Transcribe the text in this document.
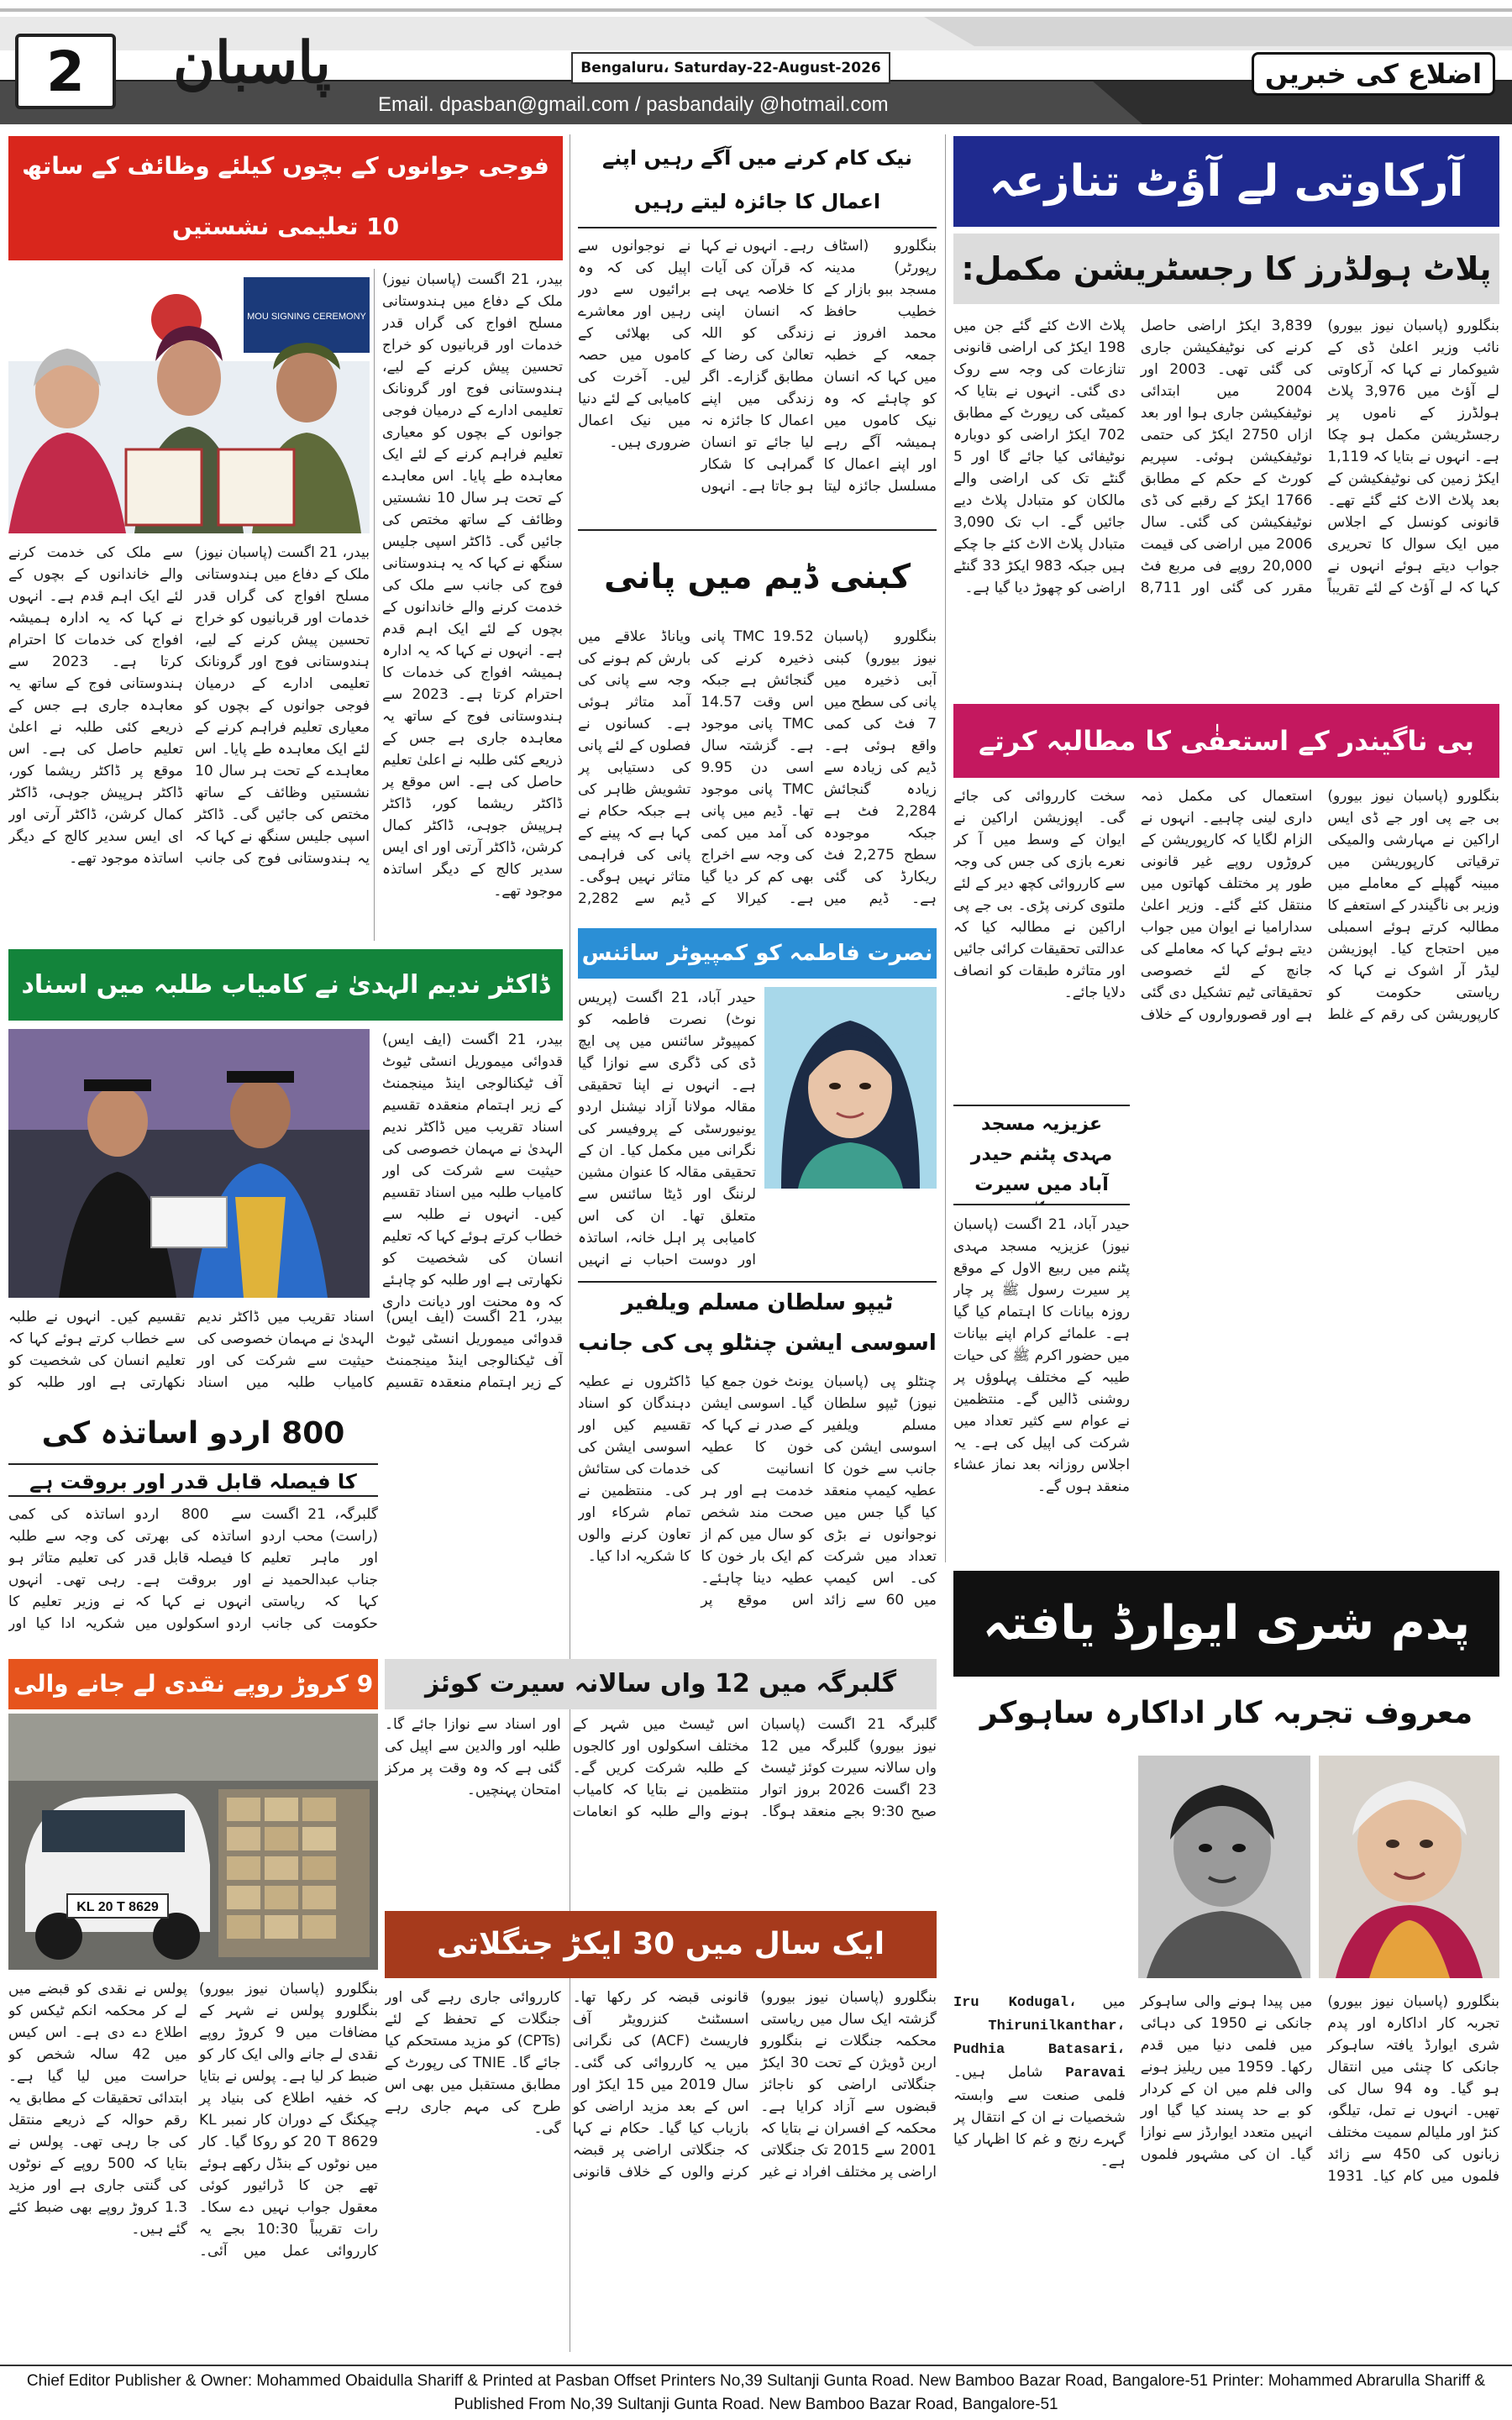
2	پاسبان	Bengaluru، Saturday-22-August-2026
Email. dpasban@gmail.com / pasbandaily @hotmail.com
اضلاع کی خبریں
آرکاوتی لے آؤٹ تنازعہ
پلاٹ ہولڈرز کا رجسٹریشن مکمل:
بنگلورو (پاسبان نیوز بیورو) نائب وزیر اعلیٰ ڈی کے شیوکمار نے کہا کہ آرکاوتی لے آؤٹ میں 3,976 پلاٹ ہولڈرز کے ناموں پر رجسٹریشن مکمل ہو چکا ہے۔ انہوں نے بتایا کہ 1,119 ایکڑ زمین کی نوٹیفکیشن کے بعد پلاٹ الاٹ کئے گئے تھے۔ قانونی کونسل کے اجلاس میں ایک سوال کا تحریری جواب دیتے ہوئے انہوں نے کہا کہ لے آؤٹ کے لئے تقریباً 3,839 ایکڑ اراضی حاصل کرنے کی نوٹیفکیشن جاری کی گئی تھی۔ 2003 اور 2004 میں ابتدائی نوٹیفکیشن جاری ہوا اور بعد ازاں 2750 ایکڑ کی حتمی نوٹیفکیشن ہوئی۔ سپریم کورٹ کے حکم کے مطابق 1766 ایکڑ کے رقبے کی ڈی نوٹیفکیشن کی گئی۔ سال 2006 میں اراضی کی قیمت 20,000 روپے فی مربع فٹ مقرر کی گئی اور 8,711 پلاٹ الاٹ کئے گئے جن میں 198 ایکڑ کی اراضی قانونی تنازعات کی وجہ سے روک دی گئی۔ انہوں نے بتایا کہ کمیٹی کی رپورٹ کے مطابق 702 ایکڑ اراضی کو دوبارہ نوٹیفائی کیا جائے گا اور 5 گنٹے تک کی اراضی والے مالکان کو متبادل پلاٹ دیے جائیں گے۔ اب تک 3,090 متبادل پلاٹ الاٹ کئے جا چکے ہیں جبکہ 983 ایکڑ 33 گنٹے اراضی کو چھوڑ دیا گیا ہے۔
بی ناگیندر کے استعفٰی کا مطالبہ کرتے
بنگلورو (پاسبان نیوز بیورو) بی جے پی اور جے ڈی ایس اراکین نے مہارشی والمیکی ترقیاتی کارپوریشن میں مبینہ گھپلے کے معاملے میں وزیر بی ناگیندر کے استعفے کا مطالبہ کرتے ہوئے اسمبلی میں احتجاج کیا۔ اپوزیشن لیڈر آر اشوک نے کہا کہ ریاستی حکومت کو کارپوریشن کی رقم کے غلط استعمال کی مکمل ذمہ داری لینی چاہیے۔ انہوں نے الزام لگایا کہ کارپوریشن کے کروڑوں روپے غیر قانونی طور پر مختلف کھاتوں میں منتقل کئے گئے۔ وزیر اعلیٰ سدارامیا نے ایوان میں جواب دیتے ہوئے کہا کہ معاملے کی جانچ کے لئے خصوصی تحقیقاتی ٹیم تشکیل دی گئی ہے اور قصورواروں کے خلاف سخت کارروائی کی جائے گی۔ اپوزیشن اراکین نے ایوان کے وسط میں آ کر نعرے بازی کی جس کی وجہ سے کارروائی کچھ دیر کے لئے ملتوی کرنی پڑی۔ بی جے پی اراکین نے مطالبہ کیا کہ عدالتی تحقیقات کرائی جائیں اور متاثرہ طبقات کو انصاف دلایا جائے۔
عزیزیہ مسجد مہدی پٹنم حیدر آباد میں سیرت
حیدر آباد، 21 اگست (پاسبان نیوز) عزیزیہ مسجد مہدی پٹنم میں ربیع الاول کے موقع پر سیرت رسول ﷺ پر چار روزہ بیانات کا اہتمام کیا گیا ہے۔ علمائے کرام اپنے بیانات میں حضور اکرم ﷺ کی حیات طیبہ کے مختلف پہلوؤں پر روشنی ڈالیں گے۔ منتظمین نے عوام سے کثیر تعداد میں شرکت کی اپیل کی ہے۔ یہ اجلاس روزانہ بعد نماز عشاء منعقد ہوں گے۔
پدم شری ایوارڈ یافتہ
معروف تجربہ کار اداکارہ ساہوکر
بنگلورو (پاسبان نیوز بیورو) تجربہ کار اداکارہ اور پدم شری ایوارڈ یافتہ ساہوکر جانکی کا چنئی میں انتقال ہو گیا۔ وہ 94 سال کی تھیں۔ انہوں نے تمل، تیلگو، کنڑ اور ملیالم سمیت مختلف زبانوں کی 450 سے زائد فلموں میں کام کیا۔ 1931 میں پیدا ہونے والی ساہوکر جانکی نے 1950 کی دہائی میں فلمی دنیا میں قدم رکھا۔ 1959 میں ریلیز ہونے والی فلم میں ان کے کردار کو بے حد پسند کیا گیا اور انہیں متعدد ایوارڈز سے نوازا گیا۔ ان کی مشہور فلموں میں Iru Kodugal، Thirunilkanthar، Pudhia Batasari، Paravai شامل ہیں۔ فلمی صنعت سے وابستہ شخصیات نے ان کے انتقال پر گہرے رنج و غم کا اظہار کیا ہے۔
نیک کام کرنے میں آگے رہیں اپنے اعمال کا جائزہ لیتے رہیں
بنگلورو (اسٹاف رپورٹر) مدینہ مسجد ببو بازار کے خطیب حافظ محمد افروز نے جمعہ کے خطبہ میں کہا کہ انسان کو چاہئے کہ وہ نیک کاموں میں ہمیشہ آگے رہے اور اپنے اعمال کا مسلسل جائزہ لیتا رہے۔ انہوں نے کہا کہ قرآن کی آیات کا خلاصہ یہی ہے کہ انسان اپنی زندگی کو اللہ تعالیٰ کی رضا کے مطابق گزارے۔ اگر زندگی میں اپنے اعمال کا جائزہ نہ لیا جائے تو انسان گمراہی کا شکار ہو جاتا ہے۔ انہوں نے نوجوانوں سے اپیل کی کہ وہ برائیوں سے دور رہیں اور معاشرے کی بھلائی کے کاموں میں حصہ لیں۔ آخرت کی کامیابی کے لئے دنیا میں نیک اعمال ضروری ہیں۔
کبنی ڈیم میں پانی
بنگلورو (پاسبان نیوز بیورو) کبنی آبی ذخیرہ میں پانی کی سطح میں 7 فٹ کی کمی واقع ہوئی ہے۔ ڈیم کی زیادہ سے زیادہ گنجائش 2,284 فٹ ہے جبکہ موجودہ سطح 2,275 فٹ ریکارڈ کی گئی ہے۔ ڈیم میں 19.52 TMC پانی ذخیرہ کرنے کی گنجائش ہے جبکہ اس وقت 14.57 TMC پانی موجود ہے۔ گزشتہ سال اسی دن 9.95 TMC پانی موجود تھا۔ ڈیم میں پانی کی آمد میں کمی کی وجہ سے اخراج بھی کم کر دیا گیا ہے۔ کیرالا کے ویاناڈ علاقے میں بارش کم ہونے کی وجہ سے پانی کی آمد متاثر ہوئی ہے۔ کسانوں نے فصلوں کے لئے پانی کی دستیابی پر تشویش ظاہر کی ہے جبکہ حکام نے کہا ہے کہ پینے کے پانی کی فراہمی متاثر نہیں ہوگی۔ ڈیم سے 2,282
نصرت فاطمہ کو کمپیوٹر سائنس
حیدر آباد، 21 اگست (پریس نوٹ) نصرت فاطمہ کو کمپیوٹر سائنس میں پی ایچ ڈی کی ڈگری سے نوازا گیا ہے۔ انہوں نے اپنا تحقیقی مقالہ مولانا آزاد نیشنل اردو یونیورسٹی کے پروفیسر کی نگرانی میں مکمل کیا۔ ان کے تحقیقی مقالہ کا عنوان مشین لرننگ اور ڈیٹا سائنس سے متعلق تھا۔ ان کی اس کامیابی پر اہل خانہ، اساتذہ اور دوست احباب نے انہیں
ٹیپو سلطان مسلم ویلفیر اسوسی ایشن چنٹلو پی کی جانب
چنٹلو پی (پاسبان نیوز) ٹیپو سلطان مسلم ویلفیر اسوسی ایشن کی جانب سے خون کا عطیہ کیمپ منعقد کیا گیا جس میں نوجوانوں نے بڑی تعداد میں شرکت کی۔ اس کیمپ میں 60 سے زائد یونٹ خون جمع کیا گیا۔ اسوسی ایشن کے صدر نے کہا کہ خون کا عطیہ انسانیت کی خدمت ہے اور ہر صحت مند شخص کو سال میں کم از کم ایک بار خون کا عطیہ دینا چاہئے۔ اس موقع پر ڈاکٹروں نے عطیہ دہندگان کو اسناد تقسیم کیں اور اسوسی ایشن کی خدمات کی ستائش کی۔ منتظمین نے تمام شرکاء اور تعاون کرنے والوں کا شکریہ ادا کیا۔
گلبرگہ میں 12 واں سالانہ سیرت کوئز
گلبرگہ 21 اگست (پاسبان نیوز بیورو) گلبرگہ میں 12 واں سالانہ سیرت کوئز ٹیسٹ 23 اگست 2026 بروز اتوار صبح 9:30 بجے منعقد ہوگا۔ اس ٹیسٹ میں شہر کے مختلف اسکولوں اور کالجوں کے طلبہ شرکت کریں گے۔ منتظمین نے بتایا کہ کامیاب ہونے والے طلبہ کو انعامات اور اسناد سے نوازا جائے گا۔ طلبہ اور والدین سے اپیل کی گئی ہے کہ وہ وقت پر مرکز امتحان پہنچیں۔
ایک سال میں 30 ایکڑ جنگلاتی
بنگلورو (پاسبان نیوز بیورو) گزشتہ ایک سال میں ریاستی محکمہ جنگلات نے بنگلورو اربن ڈویژن کے تحت 30 ایکڑ جنگلاتی اراضی کو ناجائز قبضوں سے آزاد کرایا ہے۔ محکمہ کے افسران نے بتایا کہ 2001 سے 2015 تک جنگلاتی اراضی پر مختلف افراد نے غیر قانونی قبضہ کر رکھا تھا۔ اسسٹنٹ کنزرویٹر آف فاریسٹ (ACF) کی نگرانی میں یہ کارروائی کی گئی۔ سال 2019 میں 15 ایکڑ اور اس کے بعد مزید اراضی کو بازیاب کیا گیا۔ حکام نے کہا کہ جنگلاتی اراضی پر قبضہ کرنے والوں کے خلاف قانونی کارروائی جاری رہے گی اور جنگلات کے تحفظ کے لئے (CPTs) کو مزید مستحکم کیا جائے گا۔ TNIE کی رپورٹ کے مطابق مستقبل میں بھی اس طرح کی مہم جاری رہے گی۔
فوجی جوانوں کے بچوں کیلئے وظائف کے ساتھ 10 تعلیمی نشستیں
MOU SIGNING CEREMONY
بیدر، 21 اگست (پاسبان نیوز) ملک کے دفاع میں ہندوستانی مسلح افواج کی گراں قدر خدمات اور قربانیوں کو خراج تحسین پیش کرنے کے لیے، ہندوستانی فوج اور گرونانک تعلیمی ادارے کے درمیان فوجی جوانوں کے بچوں کو معیاری تعلیم فراہم کرنے کے لئے ایک معاہدہ طے پایا۔ اس معاہدے کے تحت ہر سال 10 نشستیں وظائف کے ساتھ مختص کی جائیں گی۔ ڈاکٹر اسپی جلیس سنگھ نے کہا کہ یہ ہندوستانی فوج کی جانب سے ملک کی خدمت کرنے والے خاندانوں کے بچوں کے لئے ایک اہم قدم ہے۔ انہوں نے کہا کہ یہ ادارہ ہمیشہ افواج کی خدمات کا احترام کرتا ہے۔ 2023 سے ہندوستانی فوج کے ساتھ یہ معاہدہ جاری ہے جس کے ذریعے کئی طلبہ نے اعلیٰ تعلیم حاصل کی ہے۔ اس موقع پر ڈاکٹر ریشما کور، ڈاکٹر ہرپیش جوہی، ڈاکٹر کمال کرشن، ڈاکٹر آرتی اور ای ایس سدیر کالج کے دیگر اساتذہ موجود تھے۔
بیدر، 21 اگست (پاسبان نیوز) ملک کے دفاع میں ہندوستانی مسلح افواج کی گراں قدر خدمات اور قربانیوں کو خراج تحسین پیش کرنے کے لیے، ہندوستانی فوج اور گرونانک تعلیمی ادارے کے درمیان فوجی جوانوں کے بچوں کو معیاری تعلیم فراہم کرنے کے لئے ایک معاہدہ طے پایا۔ اس معاہدے کے تحت ہر سال 10 نشستیں وظائف کے ساتھ مختص کی جائیں گی۔ ڈاکٹر اسپی جلیس سنگھ نے کہا کہ یہ ہندوستانی فوج کی جانب سے ملک کی خدمت کرنے والے خاندانوں کے بچوں کے لئے ایک اہم قدم ہے۔ انہوں نے کہا کہ یہ ادارہ ہمیشہ افواج کی خدمات کا احترام کرتا ہے۔ 2023 سے ہندوستانی فوج کے ساتھ یہ معاہدہ جاری ہے جس کے ذریعے کئی طلبہ نے اعلیٰ تعلیم حاصل کی ہے۔ اس موقع پر ڈاکٹر ریشما کور، ڈاکٹر ہرپیش جوہی، ڈاکٹر کمال کرشن، ڈاکٹر آرتی اور ای ایس سدیر کالج کے دیگر اساتذہ موجود تھے۔
ڈاکٹر ندیم الہدیٰ نے کامیاب طلبہ میں اسناد
بیدر، 21 اگست (ایف ایس) قدوائی میموریل انسٹی ٹیوٹ آف ٹیکنالوجی اینڈ مینجمنٹ کے زیر اہتمام منعقدہ تقسیم اسناد تقریب میں ڈاکٹر ندیم الہدیٰ نے مہمان خصوصی کی حیثیت سے شرکت کی اور کامیاب طلبہ میں اسناد تقسیم کیں۔ انہوں نے طلبہ سے خطاب کرتے ہوئے کہا کہ تعلیم انسان کی شخصیت کو نکھارتی ہے اور طلبہ کو چاہئے کہ وہ محنت اور دیانت داری
بیدر، 21 اگست (ایف ایس) قدوائی میموریل انسٹی ٹیوٹ آف ٹیکنالوجی اینڈ مینجمنٹ کے زیر اہتمام منعقدہ تقسیم اسناد تقریب میں ڈاکٹر ندیم الہدیٰ نے مہمان خصوصی کی حیثیت سے شرکت کی اور کامیاب طلبہ میں اسناد تقسیم کیں۔ انہوں نے طلبہ سے خطاب کرتے ہوئے کہا کہ تعلیم انسان کی شخصیت کو نکھارتی ہے اور طلبہ کو
800 اردو اساتذہ کی
کا فیصلہ قابل قدر اور بروقت ہے
گلبرگہ، 21 اگست (راست) محب اردو اور ماہر تعلیم جناب عبدالحمید نے کہا کہ ریاستی حکومت کی جانب سے 800 اردو اساتذہ کی بھرتی کا فیصلہ قابل قدر اور بروقت ہے۔ انہوں نے کہا کہ اردو اسکولوں میں اساتذہ کی کمی کی وجہ سے طلبہ کی تعلیم متاثر ہو رہی تھی۔ انہوں نے وزیر تعلیم کا شکریہ ادا کیا اور
9 کروڑ روپے نقدی لے جانے والی
KL 20 T 8629
بنگلورو (پاسبان نیوز بیورو) بنگلورو پولس نے شہر کے مضافات میں 9 کروڑ روپے نقدی لے جانے والی ایک کار کو ضبط کر لیا ہے۔ پولس نے بتایا کہ خفیہ اطلاع کی بنیاد پر چیکنگ کے دوران کار نمبر KL 20 T 8629 کو روکا گیا۔ کار میں نوٹوں کے بنڈل رکھے ہوئے تھے جن کا ڈرائیور کوئی معقول جواب نہیں دے سکا۔ رات تقریباً 10:30 بجے یہ کارروائی عمل میں آئی۔ پولس نے نقدی کو قبضے میں لے کر محکمہ انکم ٹیکس کو اطلاع دے دی ہے۔ اس کیس میں 42 سالہ شخص کو حراست میں لیا گیا ہے۔ ابتدائی تحقیقات کے مطابق یہ رقم حوالہ کے ذریعے منتقل کی جا رہی تھی۔ پولس نے بتایا کہ 500 روپے کے نوٹوں کی گنتی جاری ہے اور مزید 1.3 کروڑ روپے بھی ضبط کئے گئے ہیں۔
Chief Editor Publisher & Owner: Mohammed Obaidulla Shariff & Printed at Pasban Offset Printers No,39 Sultanji Gunta Road. New Bamboo Bazar Road, Bangalore-51 Printer: Mohammed Abrarulla Shariff &
Published From No,39 Sultanji Gunta Road. New Bamboo Bazar Road, Bangalore-51
